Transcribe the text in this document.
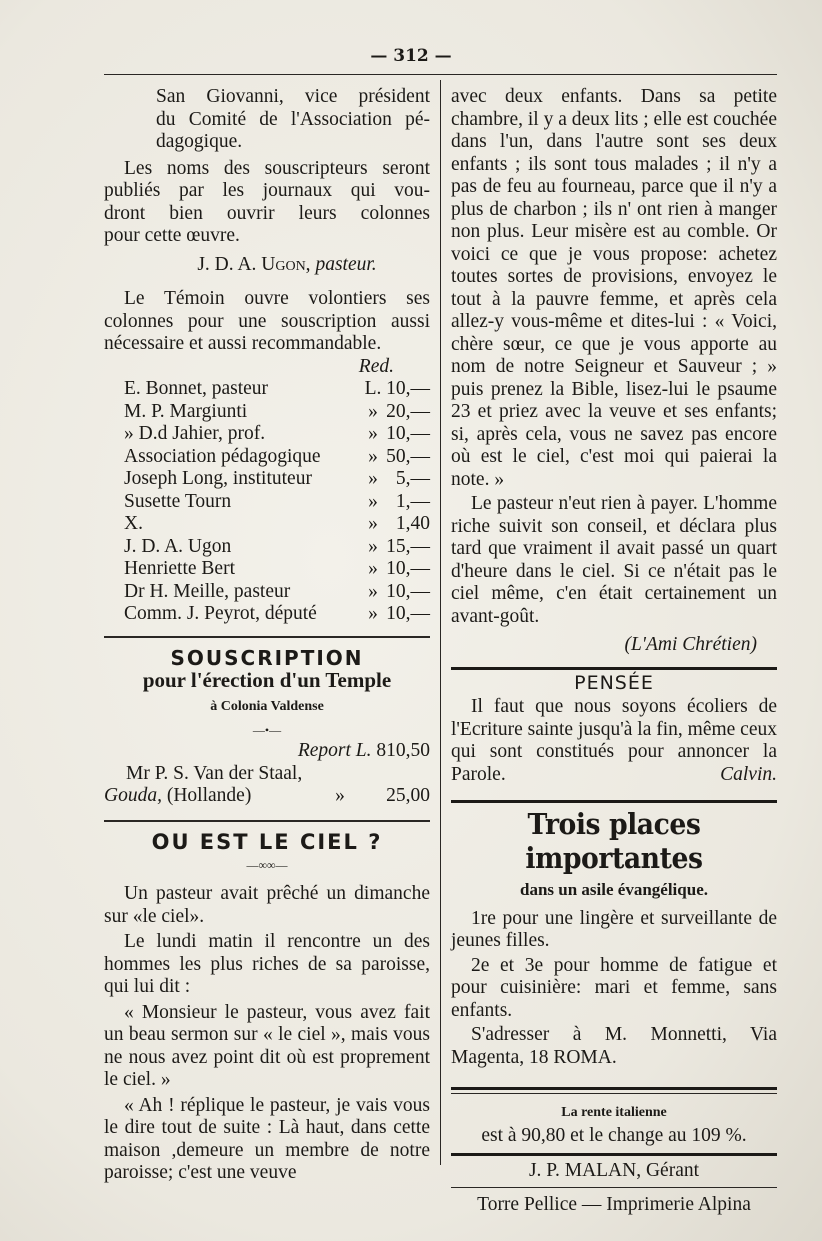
— 312 —

San Giovanni, vice président

du Comité de l'Association pé-

dagogique.

Les noms des souscripteurs seront

publiés par les journaux qui vou-

dront bien ouvrir leurs colonnes

pour cette œuvre.

J. D. A. Ugon, pasteur.

Le Témoin ouvre volontiers ses

colonnes pour une souscription aussi

nécessaire et aussi recommandable.

Red.

E. Bonnet, pasteur	L. 10,—
M. P. Margiunti	» 20,—
» D.d Jahier, prof.	» 10,—
Association pédagogique	» 50,—
Joseph Long, instituteur	» 5,—
Susette Tourn	» 1,—
X.	» 1,40
J. D. A. Ugon	» 15,—
Henriette Bert	» 10,—
Dr H. Meille, pasteur	» 10,—
Comm. J. Peyrot, député	» 10,—
SOUSCRIPTION
pour l'érection d'un Temple
à Colonia Valdense
—•—

Report L. 810,50

Mr P. S. Van der Staal,

Gouda, (Hollande)	»	25,00
OU EST LE CIEL ?
—∞∞—

Un pasteur avait prêché un dimanche sur «le ciel».

Le lundi matin il rencontre un des hommes les plus riches de sa paroisse, qui lui dit :

« Monsieur le pasteur, vous avez fait un beau sermon sur « le ciel », mais vous ne nous avez point dit où est proprement le ciel. »

« Ah ! réplique le pasteur, je vais vous le dire tout de suite : Là haut, dans cette maison ,demeure un membre de notre paroisse; c'est une veuve

avec deux enfants. Dans sa petite chambre, il y a deux lits ; elle est couchée dans l'un, dans l'autre sont ses deux enfants ; ils sont tous malades ; il n'y a pas de feu au fourneau, parce que il n'y a plus de charbon ; ils n' ont rien à manger non plus. Leur misère est au comble. Or voici ce que je vous propose: achetez toutes sortes de provisions, envoyez le tout à la pauvre femme, et après cela allez-y vous-même et dites-lui : « Voici, chère sœur, ce que je vous apporte au nom de notre Seigneur et Sauveur ; » puis prenez la Bible, lisez-lui le psaume 23 et priez avec la veuve et ses enfants; si, après cela, vous ne savez pas encore où est le ciel, c'est moi qui paierai la note. »

Le pasteur n'eut rien à payer. L'homme riche suivit son conseil, et déclara plus tard que vraiment il avait passé un quart d'heure dans le ciel. Si ce n'était pas le ciel même, c'en était certainement un avant-goût.

(L'Ami Chrétien)

PENSÉE

Il faut que nous soyons écoliers de l'Ecriture sainte jusqu'à la fin, même ceux qui sont constitués pour annoncer la Parole.	Calvin.

Trois places importantes
dans un asile évangélique.

1re pour une lingère et surveillante de jeunes filles.

2e et 3e pour homme de fatigue et pour cuisinière: mari et femme, sans enfants.

S'adresser à M. Monnetti, Via Magenta, 18 ROMA.

La rente italienne

est à 90,80 et le change au 109 %.

J. P. MALAN, Gérant

Torre Pellice — Imprimerie Alpina
